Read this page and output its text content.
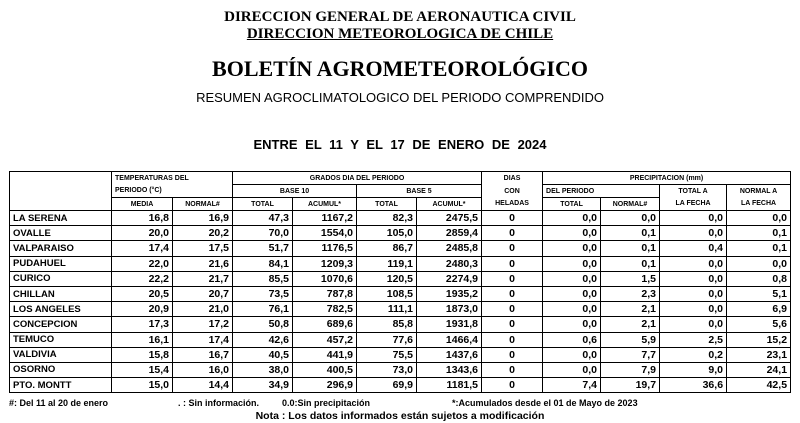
DIRECCION GENERAL DE AERONAUTICA CIVIL
DIRECCION METEOROLOGICA DE CHILE
BOLETÍN AGROMETEOROLÓGICO
RESUMEN AGROCLIMATOLOGICO DEL PERIODO COMPRENDIDO
ENTRE EL 11 Y EL 17 DE ENERO DE 2024
	TEMPERATURAS DEL		GRADOS DIA DEL PERIODO				DIAS	PRECIPITACION (mm)			
	PERIODO (°C)		BASE 10		BASE 5		CON	DEL PERIODO		TOTAL A	NORMAL A
	MEDIA	NORMAL#	TOTAL	ACUMUL*	TOTAL	ACUMUL*	HELADAS	TOTAL	NORMAL#	LA FECHA	LA FECHA
LA SERENA	16,8	16,9	47,3	1167,2	82,3	2475,5	0	0,0	0,0	0,0	0,0
OVALLE	20,0	20,2	70,0	1554,0	105,0	2859,4	0	0,0	0,1	0,0	0,1
VALPARAISO	17,4	17,5	51,7	1176,5	86,7	2485,8	0	0,0	0,1	0,4	0,1
PUDAHUEL	22,0	21,6	84,1	1209,3	119,1	2480,3	0	0,0	0,1	0,0	0,0
CURICO	22,2	21,7	85,5	1070,6	120,5	2274,9	0	0,0	1,5	0,0	0,8
CHILLAN	20,5	20,7	73,5	787,8	108,5	1935,2	0	0,0	2,3	0,0	5,1
LOS ANGELES	20,9	21,0	76,1	782,5	111,1	1873,0	0	0,0	2,1	0,0	6,9
CONCEPCION	17,3	17,2	50,8	689,6	85,8	1931,8	0	0,0	2,1	0,0	5,6
TEMUCO	16,1	17,4	42,6	457,2	77,6	1466,4	0	0,6	5,9	2,5	15,2
VALDIVIA	15,8	16,7	40,5	441,9	75,5	1437,6	0	0,0	7,7	0,2	23,1
OSORNO	15,4	16,0	38,0	400,5	73,0	1343,6	0	0,0	7,9	9,0	24,1
PTO. MONTT	15,0	14,4	34,9	296,9	69,9	1181,5	0	7,4	19,7	36,6	42,5
#: Del 11 al 20 de enero	. : Sin información.	0.0:Sin precipitación	*:Acumulados desde el 01 de Mayo de 2023
Nota : Los datos informados están sujetos a modificación
